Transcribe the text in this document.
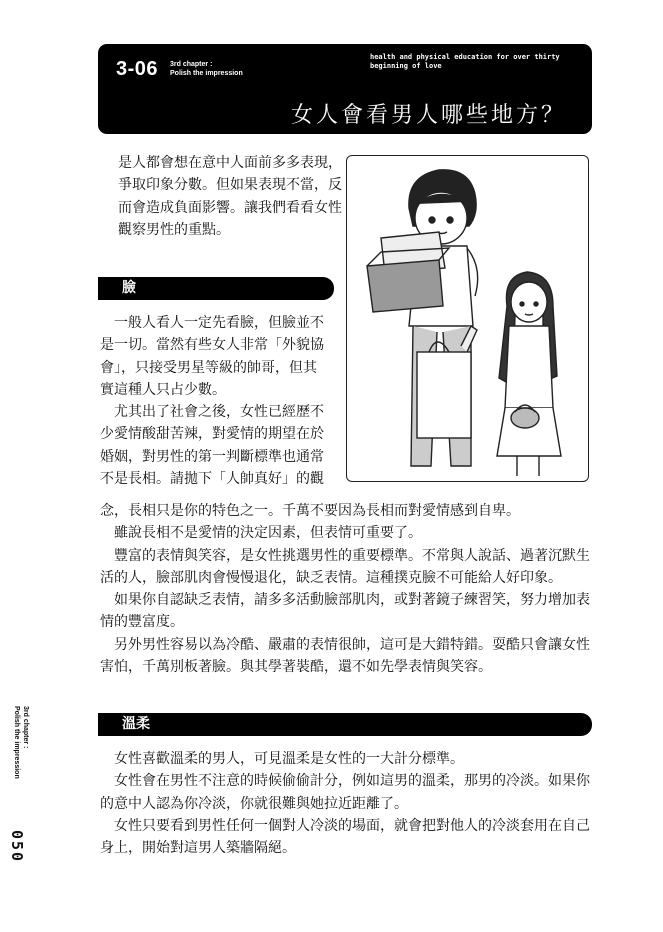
3-06 3rd chapter :
Polish the impression
health and physical education for over thirty
beginning of love
女人會看男人哪些地方？

是人都會想在意中人面前多多表現，

爭取印象分數。但如果表現不當，反

而會造成負面影響。讓我們看看女性

觀察男性的重點。

臉

　一般人看人一定先看臉，但臉並不

是一切。當然有些女人非常「外貌協

會」，只接受男星等級的帥哥，但其

實這種人只占少數。

　尤其出了社會之後，女性已經歷不

少愛情酸甜苦辣，對愛情的期望在於

婚姻，對男性的第一判斷標準也通常

不是長相。請拋下「人帥真好」的觀

念，長相只是你的特色之一。千萬不要因為長相而對愛情感到自卑。

　雖說長相不是愛情的決定因素，但表情可重要了。

　豐富的表情與笑容，是女性挑選男性的重要標準。不常與人說話、過著沉默生

活的人，臉部肌肉會慢慢退化，缺乏表情。這種撲克臉不可能給人好印象。

　如果你自認缺乏表情，請多多活動臉部肌肉，或對著鏡子練習笑，努力增加表

情的豐富度。

　另外男性容易以為冷酷、嚴肅的表情很帥，這可是大錯特錯。耍酷只會讓女性

害怕，千萬別板著臉。與其學著裝酷，還不如先學表情與笑容。

溫柔

　女性喜歡溫柔的男人，可見溫柔是女性的一大計分標準。

　女性會在男性不注意的時候偷偷計分，例如這男的溫柔，那男的冷淡。如果你

的意中人認為你冷淡，你就很難與她拉近距離了。

　女性只要看到男性任何一個對人冷淡的場面，就會把對他人的冷淡套用在自己

身上，開始對這男人築牆隔絕。

3rd chapter :
Polish the impression
050
